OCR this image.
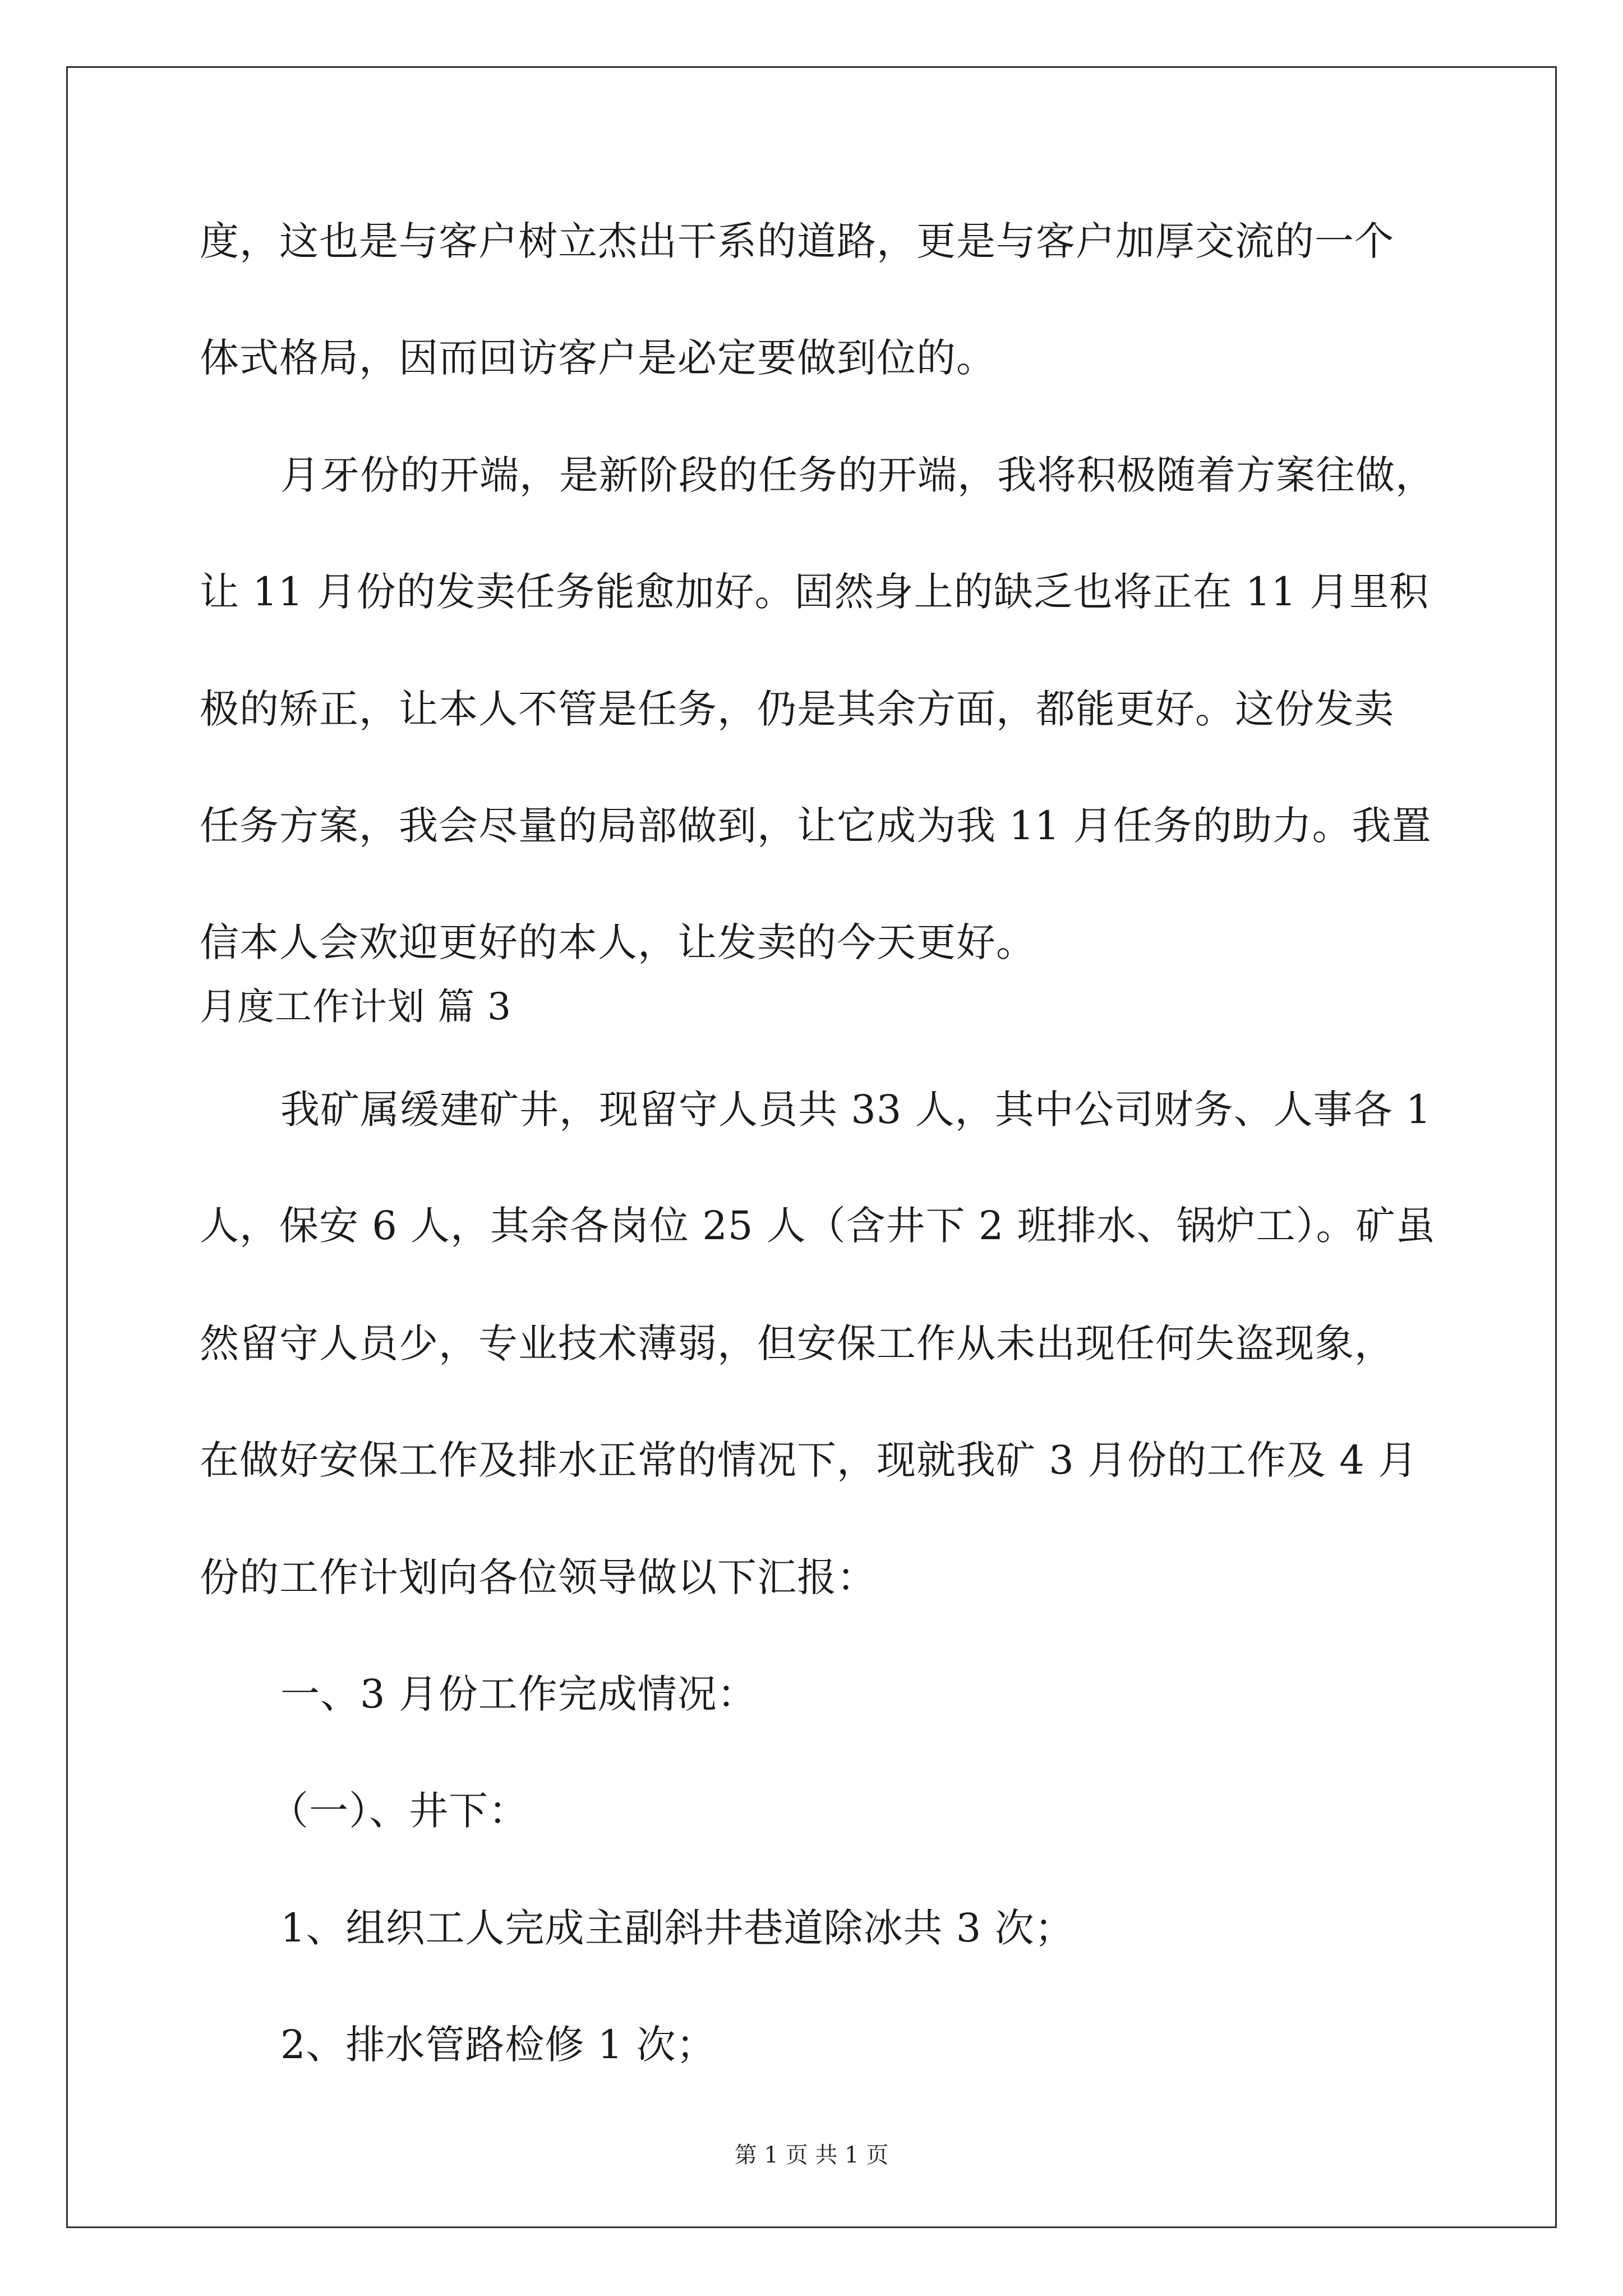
度，这也是与客户树立杰出干系的道路，更是与客户加厚交流的一个
体式格局，因而回访客户是必定要做到位的。
月牙份的开端，是新阶段的任务的开端，我将积极随着方案往做，
让 11 月份的发卖任务能愈加好。固然身上的缺乏也将正在 11 月里积
极的矫正，让本人不管是任务，仍是其余方面，都能更好。这份发卖
任务方案，我会尽量的局部做到，让它成为我 11 月任务的助力。我置
信本人会欢迎更好的本人，让发卖的今天更好。
月度工作计划 篇 3
我矿属缓建矿井，现留守人员共 33 人，其中公司财务、人事各 1
人，保安 6 人，其余各岗位 25 人（含井下 2 班排水、锅炉工）。矿虽
然留守人员少，专业技术薄弱，但安保工作从未出现任何失盗现象，
在做好安保工作及排水正常的情况下，现就我矿 3 月份的工作及 4 月
份的工作计划向各位领导做以下汇报：
一、3 月份工作完成情况：
（一）、井下：
1、组织工人完成主副斜井巷道除冰共 3 次；
2、排水管路检修 1 次；
第 1 页 共 1 页
